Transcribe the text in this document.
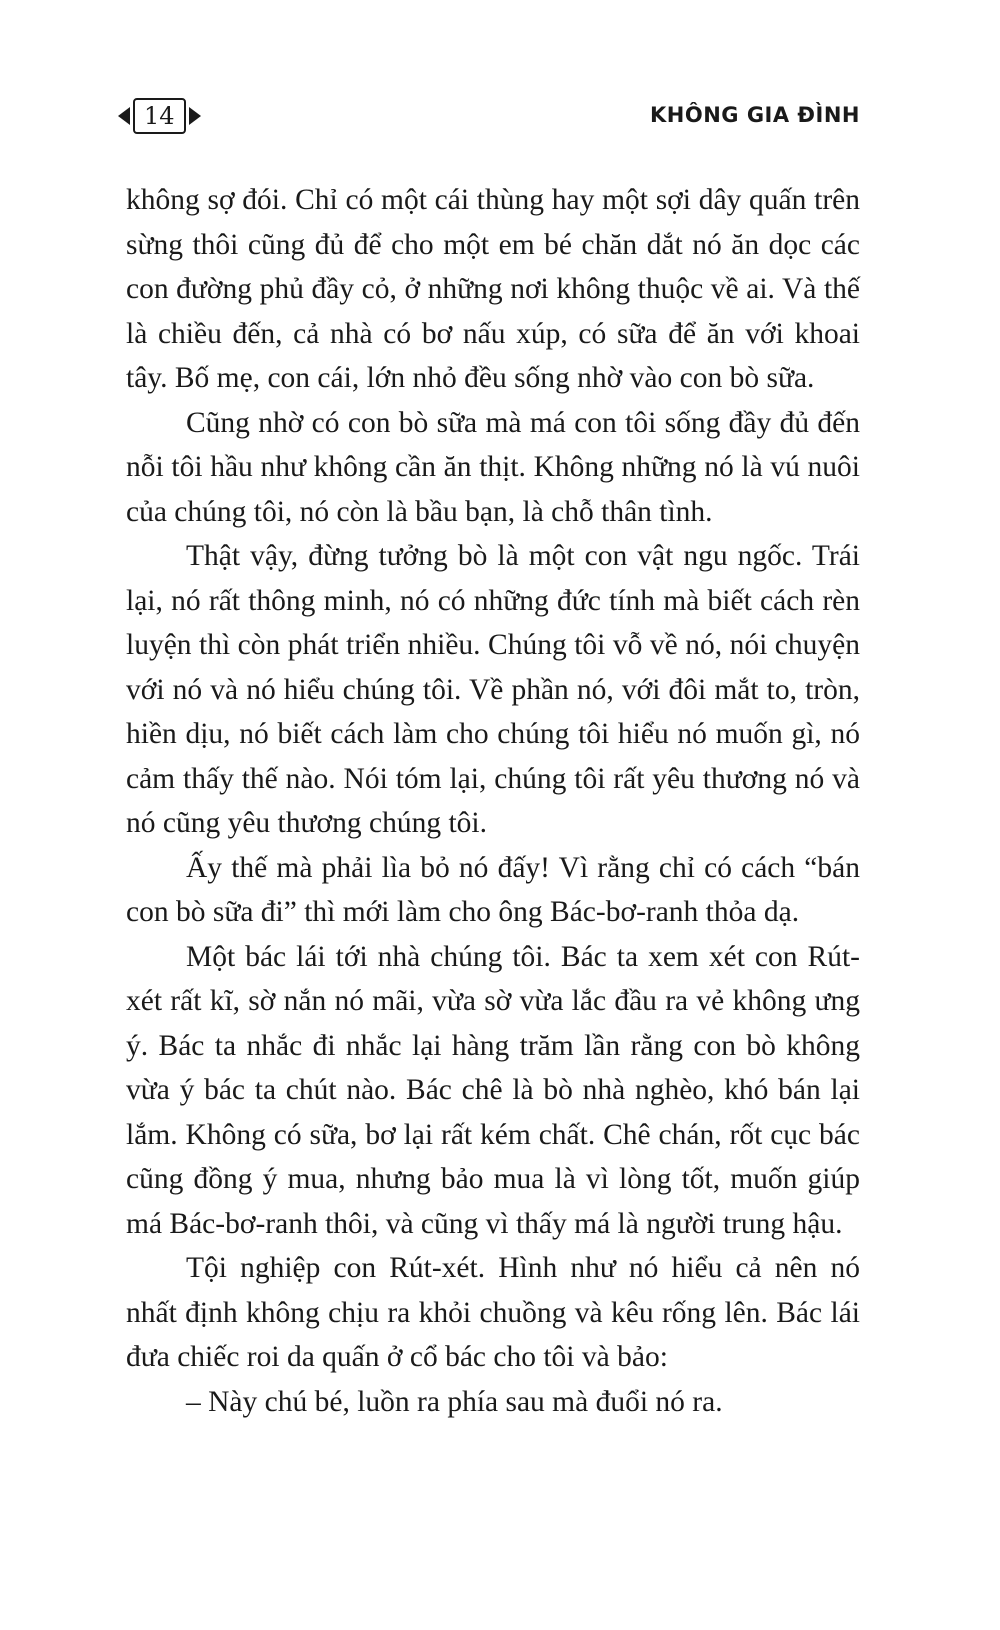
14	KHÔNG GIA ĐÌNH

không sợ đói. Chỉ có một cái thùng hay một sợi dây quấn trên sừng thôi cũng đủ để cho một em bé chăn dắt nó ăn dọc các con đường phủ đầy cỏ, ở những nơi không thuộc về ai. Và thế là chiều đến, cả nhà có bơ nấu xúp, có sữa để ăn với khoai tây. Bố mẹ, con cái, lớn nhỏ đều sống nhờ vào con bò sữa.

Cũng nhờ có con bò sữa mà má con tôi sống đầy đủ đến nỗi tôi hầu như không cần ăn thịt. Không những nó là vú nuôi của chúng tôi, nó còn là bầu bạn, là chỗ thân tình.

Thật vậy, đừng tưởng bò là một con vật ngu ngốc. Trái lại, nó rất thông minh, nó có những đức tính mà biết cách rèn luyện thì còn phát triển nhiều. Chúng tôi vỗ về nó, nói chuyện với nó và nó hiểu chúng tôi. Về phần nó, với đôi mắt to, tròn, hiền dịu, nó biết cách làm cho chúng tôi hiểu nó muốn gì, nó cảm thấy thế nào. Nói tóm lại, chúng tôi rất yêu thương nó và nó cũng yêu thương chúng tôi.

Ấy thế mà phải lìa bỏ nó đấy! Vì rằng chỉ có cách “bán con bò sữa đi” thì mới làm cho ông Bác-bơ-ranh thỏa dạ.

Một bác lái tới nhà chúng tôi. Bác ta xem xét con Rút-xét rất kĩ, sờ nắn nó mãi, vừa sờ vừa lắc đầu ra vẻ không ưng ý. Bác ta nhắc đi nhắc lại hàng trăm lần rằng con bò không vừa ý bác ta chút nào. Bác chê là bò nhà nghèo, khó bán lại lắm. Không có sữa, bơ lại rất kém chất. Chê chán, rốt cục bác cũng đồng ý mua, nhưng bảo mua là vì lòng tốt, muốn giúp má Bác-bơ-ranh thôi, và cũng vì thấy má là người trung hậu.

Tội nghiệp con Rút-xét. Hình như nó hiểu cả nên nó nhất định không chịu ra khỏi chuồng và kêu rống lên. Bác lái đưa chiếc roi da quấn ở cổ bác cho tôi và bảo:

– Này chú bé, luồn ra phía sau mà đuổi nó ra.
